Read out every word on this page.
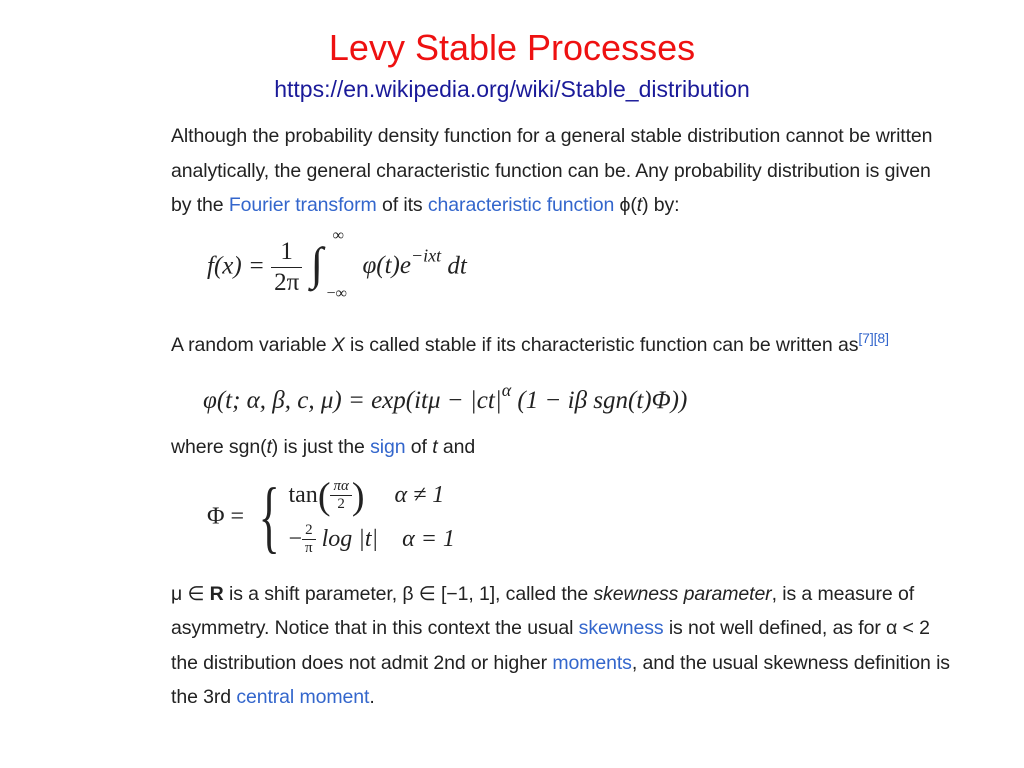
Levy Stable Processes
https://en.wikipedia.org/wiki/Stable_distribution

Although the probability density function for a general stable distribution cannot be written analytically, the general characteristic function can be. Any probability distribution is given by the Fourier transform of its characteristic function ϕ(t) by:

$f(x) = \frac{1}{2\pi}$
∫
∞
−∞
$\varphi(t)e^{-ixt}$ dt

A random variable X is called stable if its characteristic function can be written as[7][8]

φ(t; α, β, c, $\mu) = \exp(it\mu - |ct|^\alpha$ (1 − iβ sgn(t)Φ))

where sgn(t) is just the sign of t and

Φ = { $\tan( \frac{\pi\alpha}{2}$ ) α ≠ 1
− $\frac{2}{\pi}$ log |t| α = 1

μ ∈ R is a shift parameter, β ∈ [−1, 1], called the skewness parameter, is a measure of asymmetry. Notice that in this context the usual skewness is not well defined, as for α < 2 the distribution does not admit 2nd or higher moments, and the usual skewness definition is the 3rd central moment.
